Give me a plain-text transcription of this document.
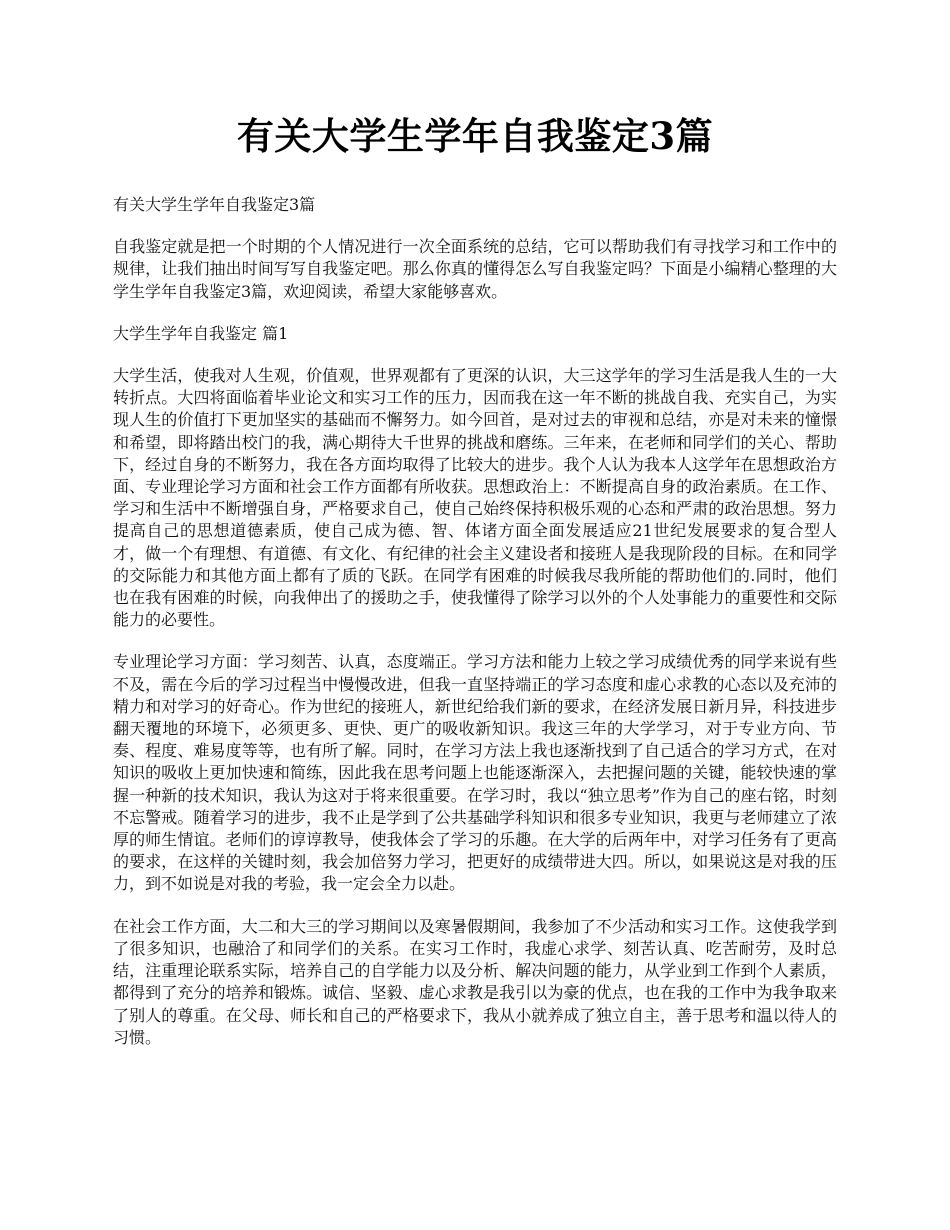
有关大学生学年自我鉴定3篇

有关大学生学年自我鉴定3篇

自我鉴定就是把一个时期的个人情况进行一次全面系统的总结，它可以帮助我们有寻找学习和工作中的规律，让我们抽出时间写写自我鉴定吧。那么你真的懂得怎么写自我鉴定吗？下面是小编精心整理的大学生学年自我鉴定3篇，欢迎阅读，希望大家能够喜欢。

大学生学年自我鉴定 篇1

大学生活，使我对人生观，价值观，世界观都有了更深的认识，大三这学年的学习生活是我人生的一大转折点。大四将面临着毕业论文和实习工作的压力，因而我在这一年不断的挑战自我、充实自己，为实现人生的价值打下更加坚实的基础而不懈努力。如今回首，是对过去的审视和总结，亦是对未来的憧憬和希望，即将踏出校门的我，满心期待大千世界的挑战和磨练。三年来，在老师和同学们的关心、帮助下，经过自身的不断努力，我在各方面均取得了比较大的进步。我个人认为我本人这学年在思想政治方面、专业理论学习方面和社会工作方面都有所收获。思想政治上：不断提高自身的政治素质。在工作、学习和生活中不断增强自身，严格要求自己，使自己始终保持积极乐观的心态和严肃的政治思想。努力提高自己的思想道德素质，使自己成为德、智、体诸方面全面发展适应21世纪发展要求的复合型人才，做一个有理想、有道德、有文化、有纪律的社会主义建设者和接班人是我现阶段的目标。在和同学的交际能力和其他方面上都有了质的飞跃。在同学有困难的时候我尽我所能的帮助他们的.同时，他们也在我有困难的时候，向我伸出了的援助之手，使我懂得了除学习以外的个人处事能力的重要性和交际能力的必要性。

专业理论学习方面：学习刻苦、认真，态度端正。学习方法和能力上较之学习成绩优秀的同学来说有些不及，需在今后的学习过程当中慢慢改进，但我一直坚持端正的学习态度和虚心求教的心态以及充沛的精力和对学习的好奇心。作为世纪的接班人，新世纪给我们新的要求，在经济发展日新月异，科技进步翻天覆地的环境下，必须更多、更快、更广的吸收新知识。我这三年的大学学习，对于专业方向、节奏、程度、难易度等等，也有所了解。同时，在学习方法上我也逐渐找到了自己适合的学习方式，在对知识的吸收上更加快速和简练，因此我在思考问题上也能逐渐深入，去把握问题的关键，能较快速的掌握一种新的技术知识，我认为这对于将来很重要。在学习时，我以“独立思考”作为自己的座右铭，时刻不忘警戒。随着学习的进步，我不止是学到了公共基础学科知识和很多专业知识，我更与老师建立了浓厚的师生情谊。老师们的谆谆教导，使我体会了学习的乐趣。在大学的后两年中，对学习任务有了更高的要求，在这样的关键时刻，我会加倍努力学习，把更好的成绩带进大四。所以，如果说这是对我的压力，到不如说是对我的考验，我一定会全力以赴。

在社会工作方面，大二和大三的学习期间以及寒暑假期间，我参加了不少活动和实习工作。这使我学到了很多知识，也融洽了和同学们的关系。在实习工作时，我虚心求学、刻苦认真、吃苦耐劳，及时总结，注重理论联系实际，培养自己的自学能力以及分析、解决问题的能力，从学业到工作到个人素质，都得到了充分的培养和锻炼。诚信、坚毅、虚心求教是我引以为豪的优点，也在我的工作中为我争取来了别人的尊重。在父母、师长和自己的严格要求下，我从小就养成了独立自主，善于思考和温以待人的习惯。
